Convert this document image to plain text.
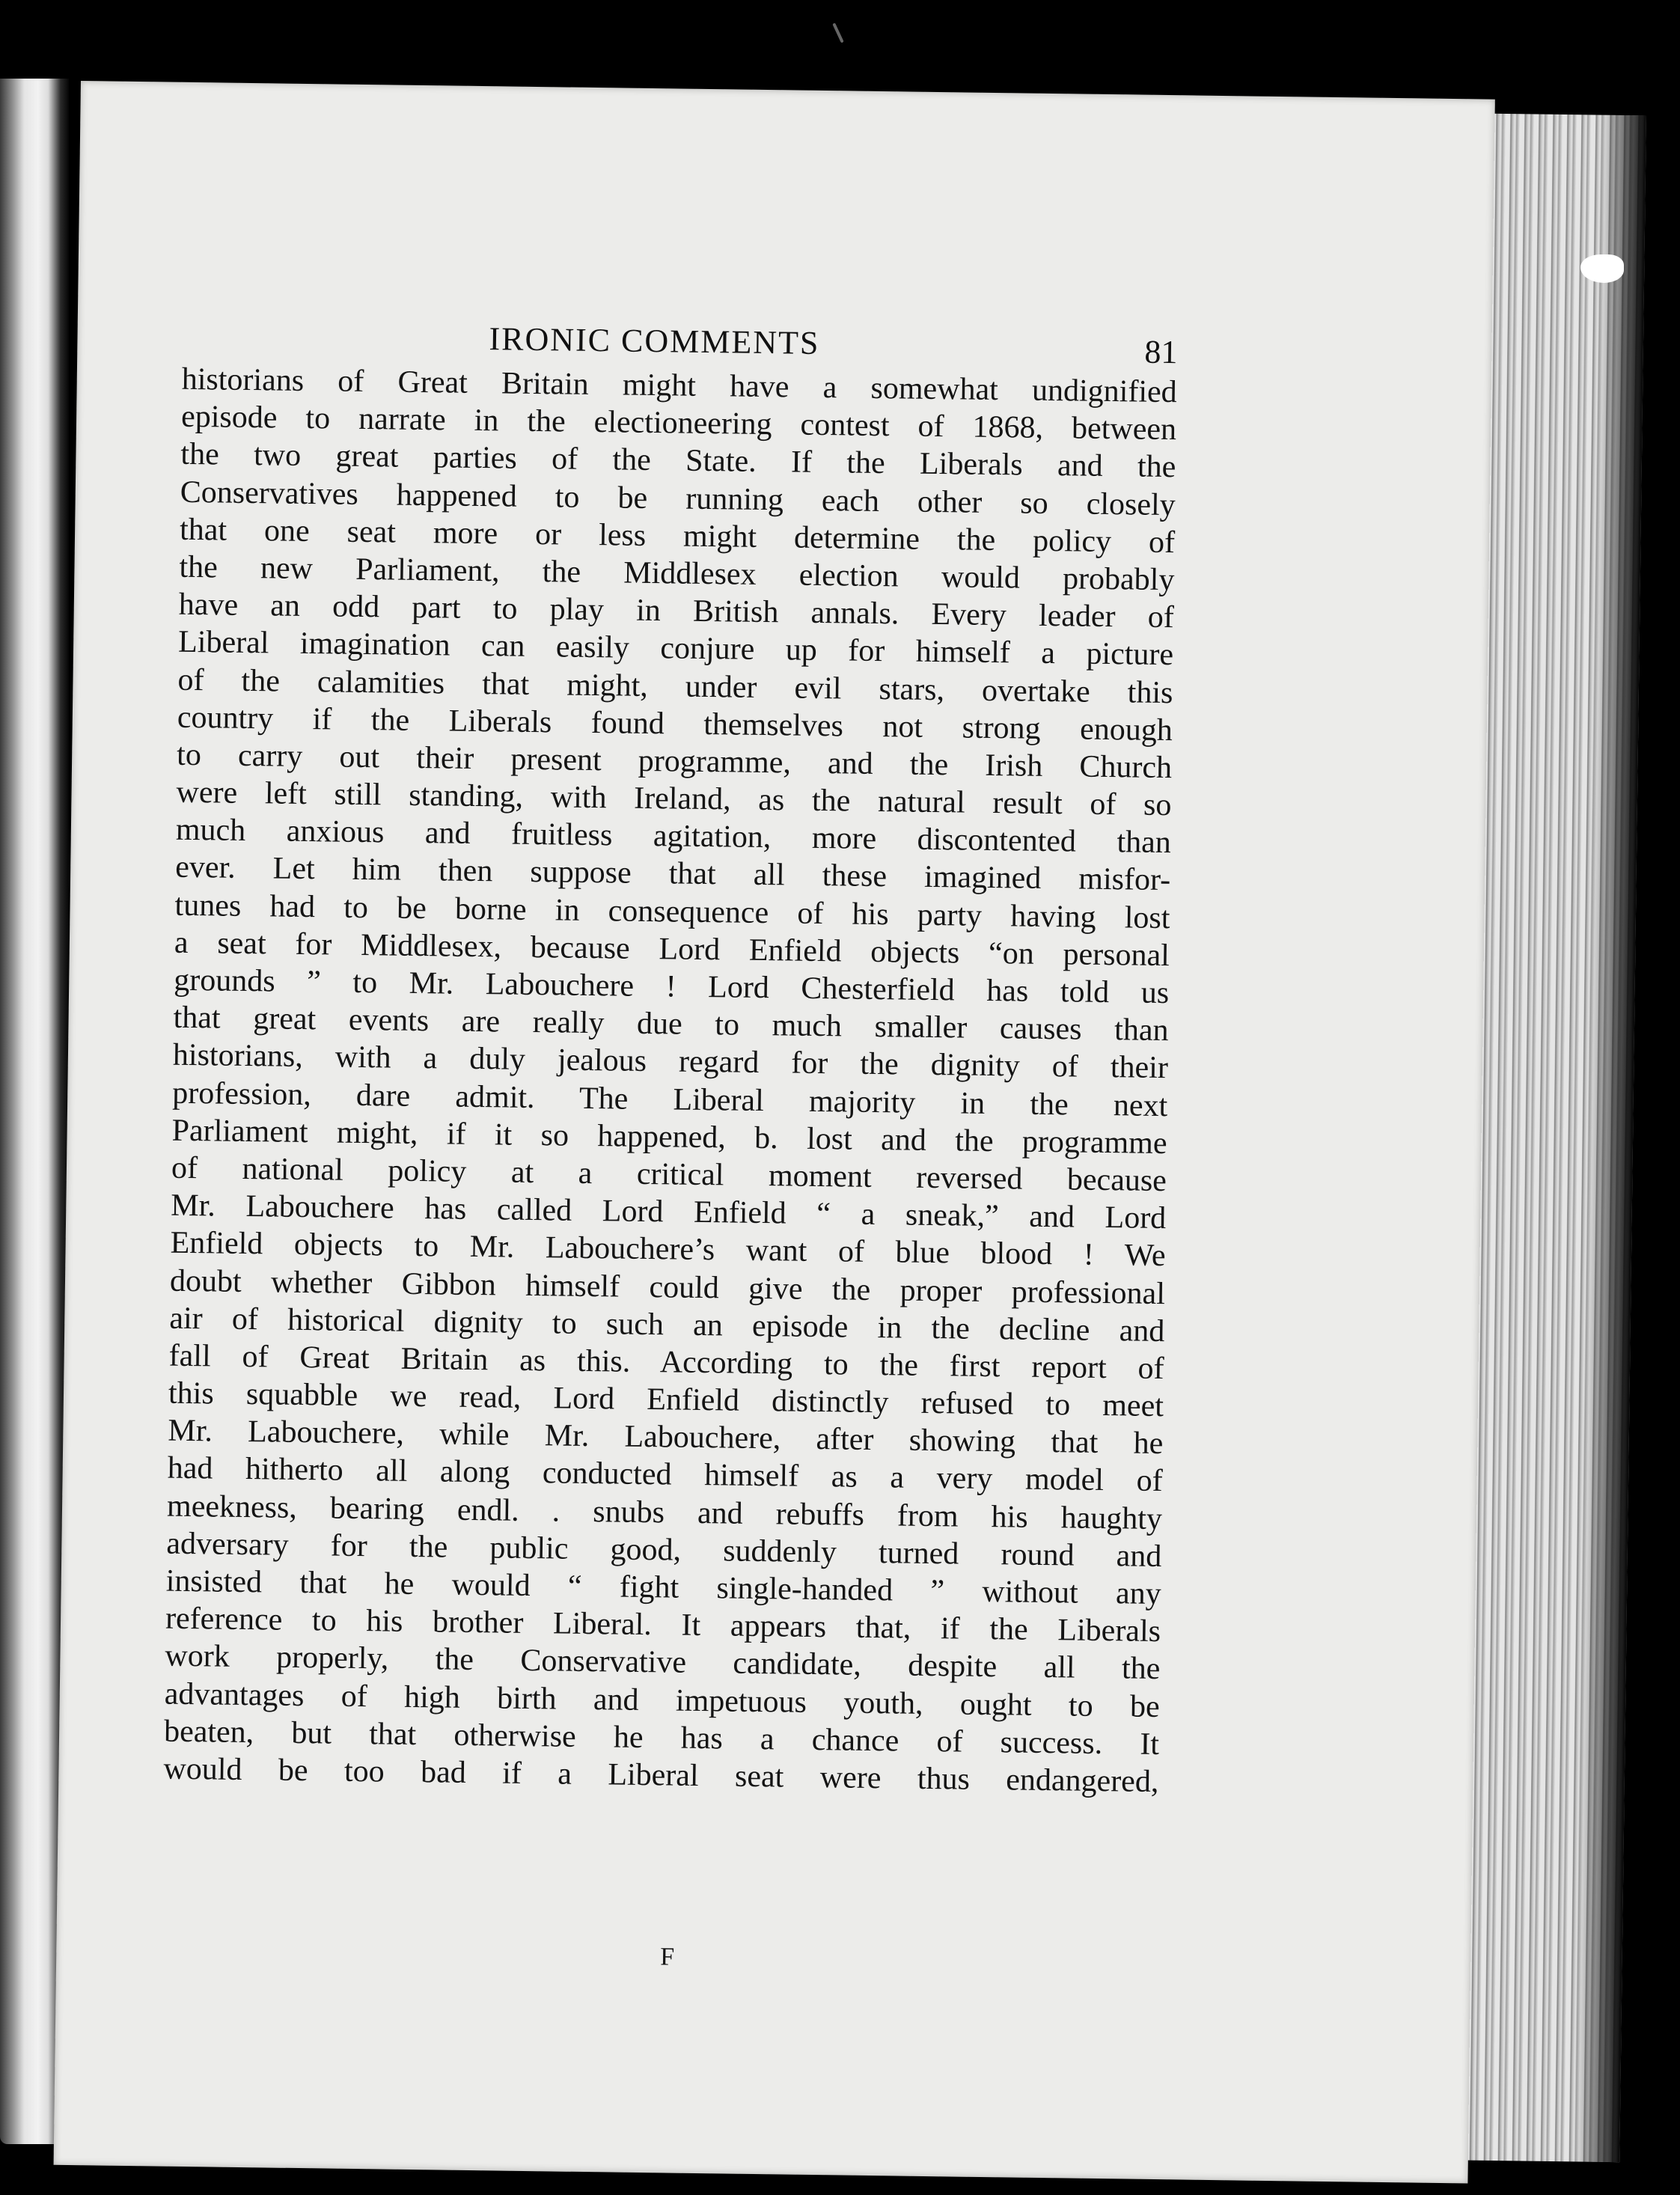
IRONIC COMMENTS	81
historians of Great Britain might have a somewhat undignified
episode to narrate in the electioneering contest of 1868, between
the two great parties of the State. If the Liberals and the
Conservatives happened to be running each other so closely
that one seat more or less might determine the policy of
the new Parliament, the Middlesex election would probably
have an odd part to play in British annals. Every leader of
Liberal imagination can easily conjure up for himself a picture
of the calamities that might, under evil stars, overtake this
country if the Liberals found themselves not strong enough
to carry out their present programme, and the Irish Church
were left still standing, with Ireland, as the natural result of so
much anxious and fruitless agitation, more discontented than
ever. Let him then suppose that all these imagined misfor-
tunes had to be borne in consequence of his party having lost
a seat for Middlesex, because Lord Enfield objects “on personal
grounds ” to Mr. Labouchere ! Lord Chesterfield has told us
that great events are really due to much smaller causes than
historians, with a duly jealous regard for the dignity of their
profession, dare admit. The Liberal majority in the next
Parliament might, if it so happened, b. lost and the programme
of national policy at a critical moment reversed because
Mr. Labouchere has called Lord Enfield “ a sneak,” and Lord
Enfield objects to Mr. Labouchere’s want of blue blood ! We
doubt whether Gibbon himself could give the proper professional
air of historical dignity to such an episode in the decline and
fall of Great Britain as this. According to the first report of
this squabble we read, Lord Enfield distinctly refused to meet
Mr. Labouchere, while Mr. Labouchere, after showing that he
had hitherto all along conducted himself as a very model of
meekness, bearing endl. . snubs and rebuffs from his haughty
adversary for the public good, suddenly turned round and
insisted that he would “ fight single-handed ” without any
reference to his brother Liberal. It appears that, if the Liberals
work properly, the Conservative candidate, despite all the
advantages of high birth and impetuous youth, ought to be
beaten, but that otherwise he has a chance of success. It
would be too bad if a Liberal seat were thus endangered,
F
